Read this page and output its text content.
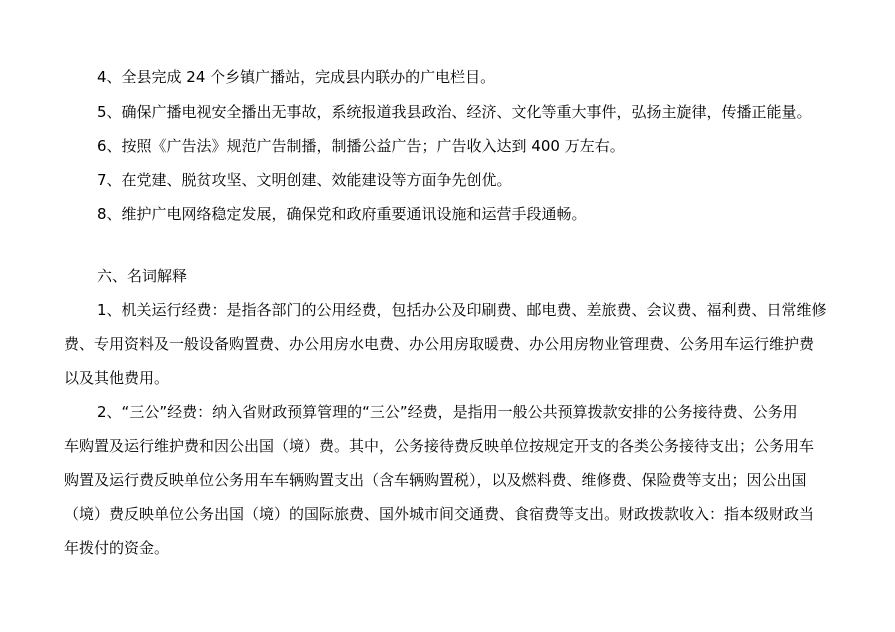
4、全县完成 24 个乡镇广播站，完成县内联办的广电栏目。
5、确保广播电视安全播出无事故，系统报道我县政治、经济、文化等重大事件，弘扬主旋律，传播正能量。
6、按照《广告法》规范广告制播，制播公益广告；广告收入达到 400 万左右。
7、在党建、脱贫攻坚、文明创建、效能建设等方面争先创优。
8、维护广电网络稳定发展，确保党和政府重要通讯设施和运营手段通畅。
六、名词解释
1、机关运行经费：是指各部门的公用经费，包括办公及印刷费、邮电费、差旅费、会议费、福利费、日常维修
费、专用资料及一般设备购置费、办公用房水电费、办公用房取暖费、办公用房物业管理费、公务用车运行维护费
以及其他费用。
2、“三公”经费：纳入省财政预算管理的“三公”经费，是指用一般公共预算拨款安排的公务接待费、公务用
车购置及运行维护费和因公出国（境）费。其中，公务接待费反映单位按规定开支的各类公务接待支出；公务用车
购置及运行费反映单位公务用车车辆购置支出（含车辆购置税），以及燃料费、维修费、保险费等支出；因公出国
（境）费反映单位公务出国（境）的国际旅费、国外城市间交通费、食宿费等支出。财政拨款收入：指本级财政当
年拨付的资金。
